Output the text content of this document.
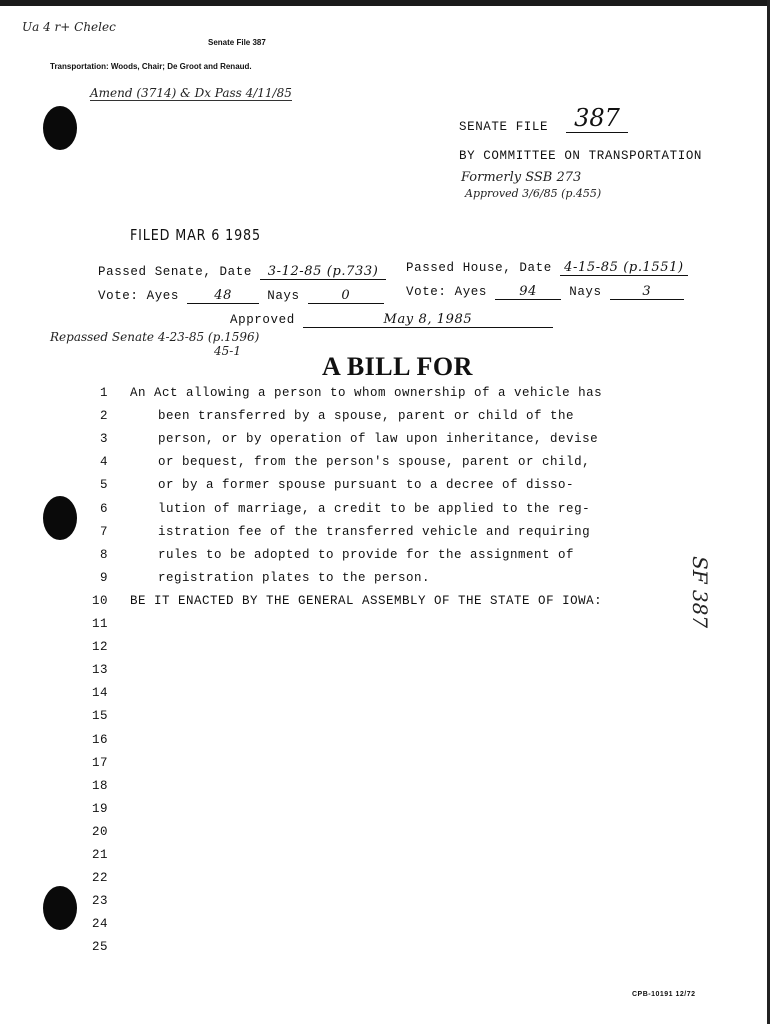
Ua 4 r+ Chelec
Senate File 387
Transportation: Woods, Chair; De Groot and Renaud.
Amend (3714) & Dx Pass 4/11/85
SENATE FILE	387
BY COMMITTEE ON TRANSPORTATION
Formerly SSB 273
Approved 3/6/85 (p.455)
FILED MAR 6 1985
Passed Senate, Date 3-12-85 (p.733)	Passed House, Date 4-15-85 (p.1551)
Vote: Ayes	48	Nays	0	Vote: Ayes 94	Nays	3
Approved	May 8, 1985
Repassed Senate 4-23-85 (p.1596)
45-1
A BILL FOR
1 An Act allowing a person to whom ownership of a vehicle has
2	been transferred by a spouse, parent or child of the
3	person, or by operation of law upon inheritance, devise
4	or bequest, from the person's spouse, parent or child,
5	or by a former spouse pursuant to a decree of disso-
6	lution of marriage, a credit to be applied to the reg-
7	istration fee of the transferred vehicle and requiring
8	rules to be adopted to provide for the assignment of
9	registration plates to the person.
10 BE IT ENACTED BY THE GENERAL ASSEMBLY OF THE STATE OF IOWA:
11
12
13
14
15
16
17
18
19
20
21
22
23
24
25
SF 387
CPB-10191 12/72
